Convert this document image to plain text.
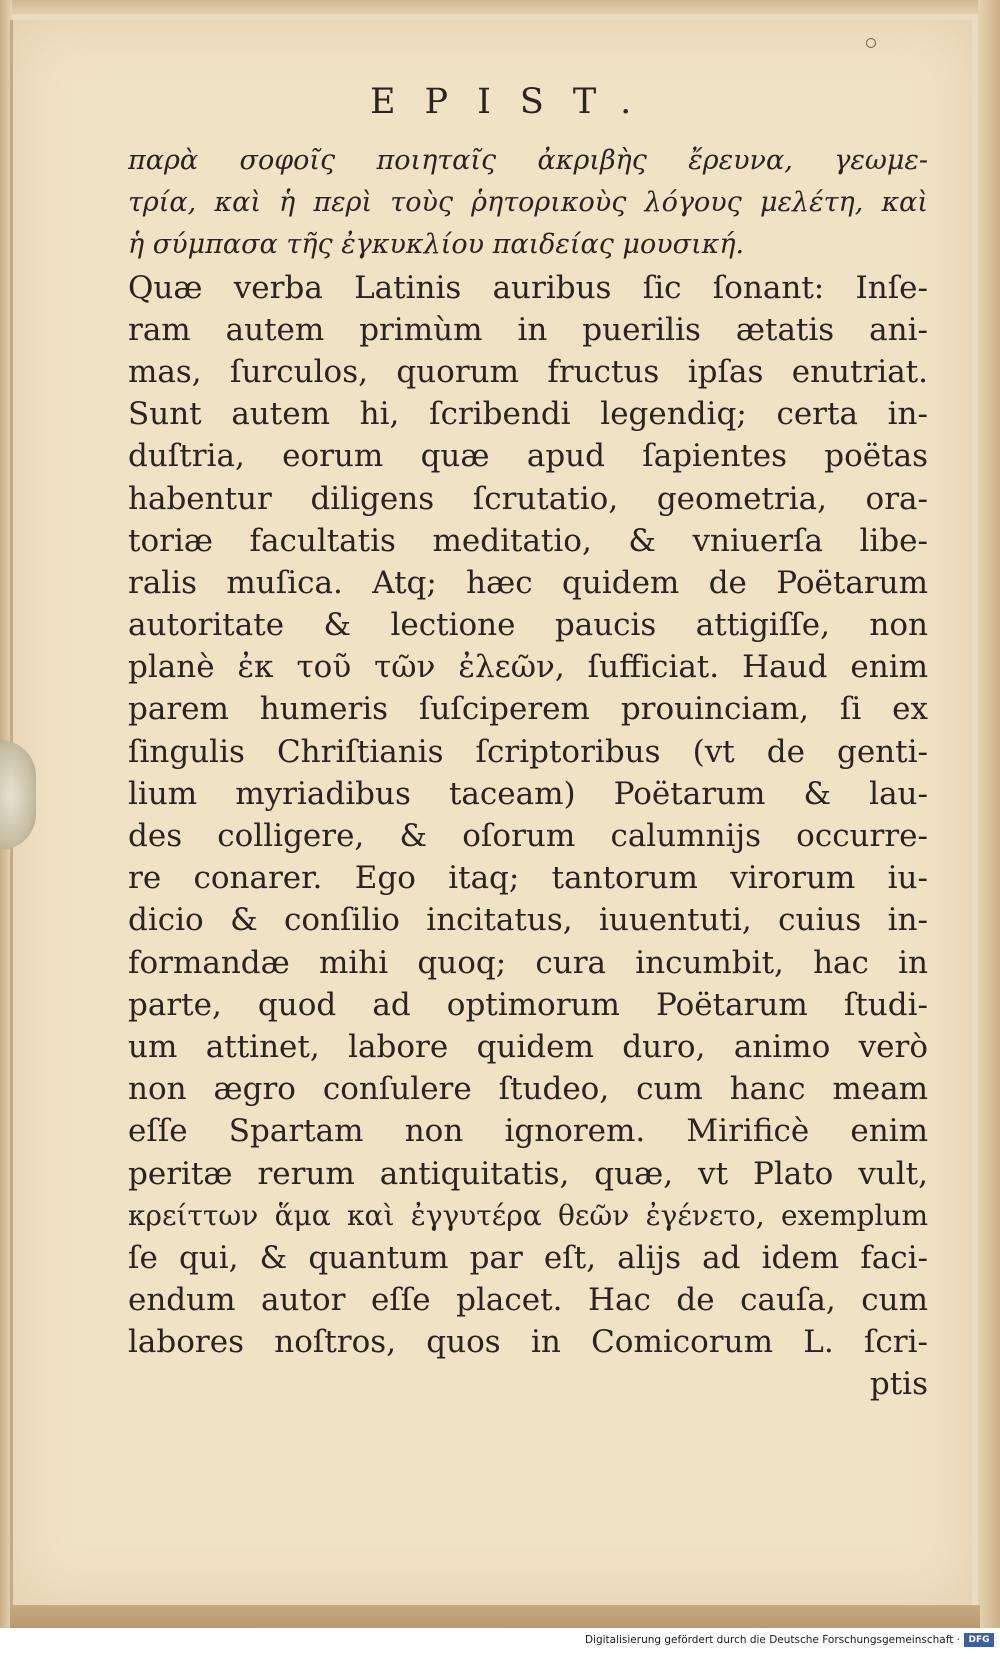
EPIST.
παρὰ σοφοῖς ποιηταῖς ἀκριβὴς ἔρευνα, γεωμε-
τρία, καὶ ἡ περὶ τοὺς ῥητορικοὺς λόγους μελέτη, καὶ
ἡ σύμπασα τῆς ἐγκυκλίου παιδείας μουσική.
Quæ verba Latinis auribus ſic ſonant: Inſe-
ram autem primùm in puerilis ætatis ani-
mas, ſurculos, quorum fructus ipſas enutriat.
Sunt autem hi, ſcribendi legendiq; certa in-
duſtria, eorum quæ apud ſapientes poëtas
habentur diligens ſcrutatio, geometria, ora-
toriæ facultatis meditatio, & vniuerſa libe-
ralis muſica. Atq; hæc quidem de Poëtarum
autoritate & lectione paucis attigiſſe, non
planè ἐκ τοῦ τῶν ἐλεῶν, ſufficiat. Haud enim
parem humeris ſuſciperem prouinciam, ſi ex
ſingulis Chriſtianis ſcriptoribus (vt de genti-
lium myriadibus taceam) Poëtarum & lau-
des colligere, & oſorum calumnijs occurre-
re conarer. Ego itaq; tantorum virorum iu-
dicio & conſilio incitatus, iuuentuti, cuius in-
formandæ mihi quoq; cura incumbit, hac in
parte, quod ad optimorum Poëtarum ſtudi-
um attinet, labore quidem duro, animo verò
non ægro conſulere ſtudeo, cum hanc meam
eſſe Spartam non ignorem. Mirificè enim
peritæ rerum antiquitatis, quæ, vt Plato vult,
κρείττων ἅμα καὶ ἐγγυτέρα θεῶν ἐγένετο, exemplum
ſe qui, & quantum par eſt, alijs ad idem faci-
endum autor eſſe placet. Hac de cauſa, cum
labores noſtros, quos in Comicorum L. ſcri-
ptis
Digitalisierung gefördert durch die Deutsche Forschungsgemeinschaft · DFG
